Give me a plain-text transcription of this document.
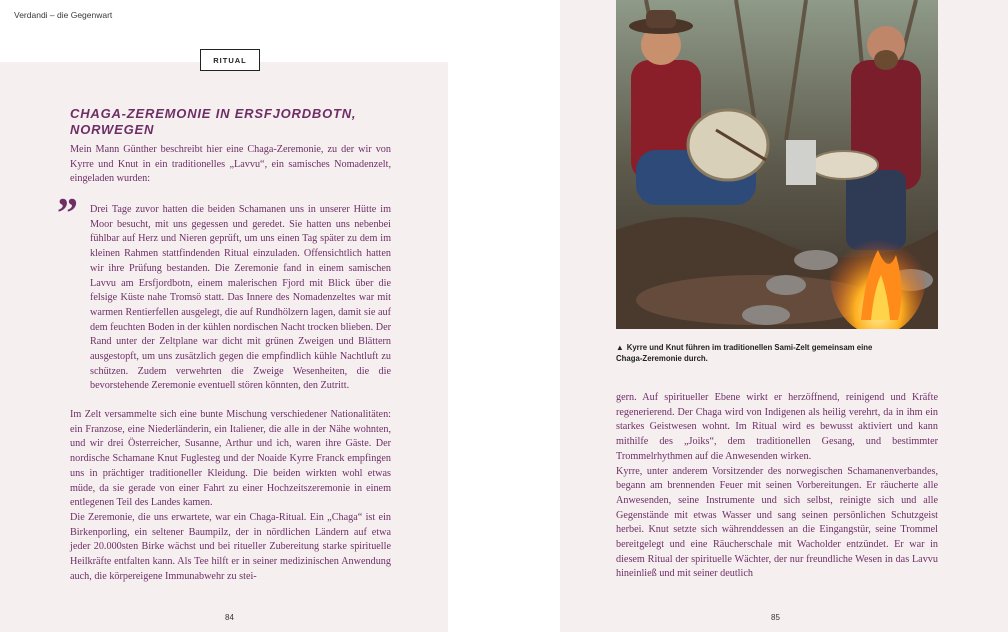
Verdandi – die Gegenwart
RITUAL
CHAGA-ZEREMONIE IN ERSFJORDBOTN, NORWEGEN
Mein Mann Günther beschreibt hier eine Chaga-Zeremonie, zu der wir von Kyrre und Knut in ein traditionelles „Lavvu“, ein samisches Nomadenzelt, eingeladen wurden:
” Drei Tage zuvor hatten die beiden Schamanen uns in unserer Hütte im Moor besucht, mit uns gegessen und geredet. Sie hatten uns nebenbei fühlbar auf Herz und Nieren geprüft, um uns einen Tag später zu dem im kleinen Rahmen stattfindenden Ritual einzuladen. Offensichtlich hatten wir ihre Prüfung bestanden. Die Zeremonie fand in einem samischen Lavvu am Ersfjordbotn, einem malerischen Fjord mit Blick über die felsige Küste nahe Tromsö statt. Das Innere des Nomadenzeltes war mit warmen Rentierfellen ausgelegt, die auf Rundhölzern lagen, damit sie auf dem feuchten Boden in der kühlen nordischen Nacht trocken blieben. Der Rand unter der Zeltplane war dicht mit grünen Zweigen und Blättern ausgestopft, um uns zusätzlich gegen die empfindlich kühle Nachtluft zu schützen. Zudem verwehrten die Zweige Wesenheiten, die die bevorstehende Zeremonie eventuell stören könnten, den Zutritt.
Im Zelt versammelte sich eine bunte Mischung verschiedener Nationalitäten: ein Franzose, eine Niederländerin, ein Italiener, die alle in der Nähe wohnten, und wir drei Österreicher, Susanne, Arthur und ich, waren ihre Gäste. Der nordische Schamane Knut Fuglesteg und der Noaide Kyrre Franck empfingen uns in prächtiger traditioneller Kleidung. Die beiden wirkten wohl etwas müde, da sie gerade von einer Fahrt zu einer Hochzeitszeremonie in einem entlegenen Teil des Landes kamen.
Die Zeremonie, die uns erwartete, war ein Chaga-Ritual. Ein „Chaga“ ist ein Birkenporling, ein seltener Baumpilz, der in nördlichen Ländern auf etwa jeder 20.000sten Birke wächst und bei ritueller Zubereitung starke spirituelle Heilkräfte entfalten kann. Als Tee hilft er in seiner medizinischen Anwendung auch, die körpereigene Immunabwehr zu stei-
84
▲ Kyrre und Knut führen im traditionellen Sami-Zelt gemeinsam eine Chaga-Zeremonie durch.
gern. Auf spiritueller Ebene wirkt er herzöffnend, reinigend und Kräfte regenerierend. Der Chaga wird von Indigenen als heilig verehrt, da in ihm ein starkes Geistwesen wohnt. Im Ritual wird es bewusst aktiviert und kann mithilfe des „Joiks“, dem traditionellen Gesang, und bestimmter Trommelrhythmen auf die Anwesenden wirken.
Kyrre, unter anderem Vorsitzender des norwegischen Schamanenverbandes, begann am brennenden Feuer mit seinen Vorbereitungen. Er räucherte alle Anwesenden, seine Instrumente und sich selbst, reinigte sich und alle Gegenstände mit etwas Wasser und sang seinen persönlichen Schutzgeist herbei. Knut setzte sich währenddessen an die Eingangstür, seine Trommel bereitgelegt und eine Räucherschale mit Wacholder entzündet. Er war in diesem Ritual der spirituelle Wächter, der nur freundliche Wesen in das Lavvu hineinließ und mit seiner deutlich
85
